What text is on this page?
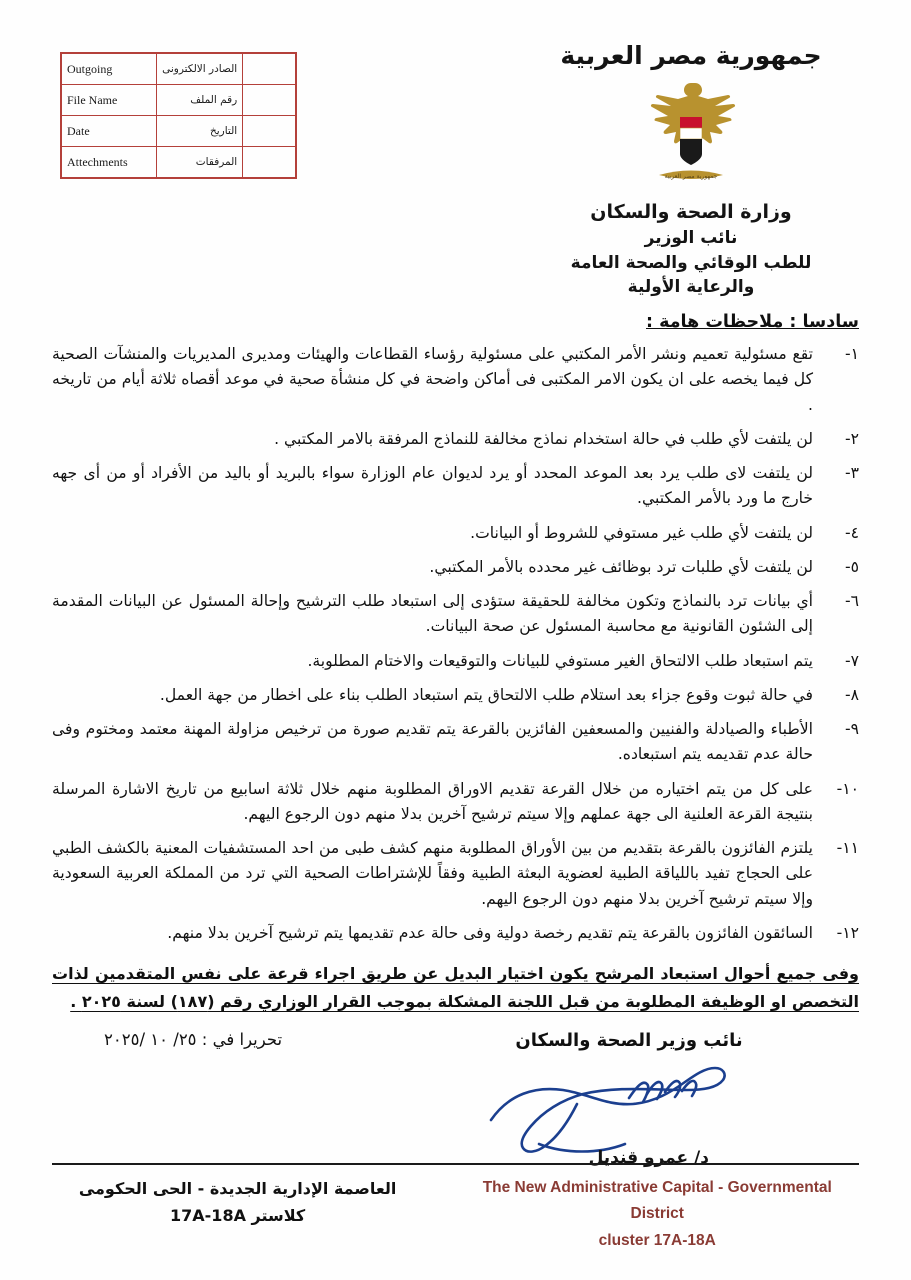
	الصادر الالكترونى	Outgoing
	رقم الملف	File Name
	التاريخ	Date
	المرفقات	Attechments
جمهورية مصر العربية
جمهورية مصر العربية
وزارة الصحة والسكان
نائب الوزير
للطب الوقائي والصحة العامة
والرعاية الأولية
سادسا : ملاحظات هامة :
١-
تقع مسئولية تعميم ونشر الأمر المكتبي على مسئولية رؤساء القطاعات والهيئات ومديرى المديريات والمنشآت الصحية كل فيما يخصه على ان يكون الامر المكتبى فى أماكن واضحة في كل منشأة صحية في موعد أقصاه ثلاثة أيام من تاريخه .
٢-
لن يلتفت لأي طلب في حالة استخدام نماذج مخالفة للنماذج المرفقة بالامر المكتبي .
٣-
لن يلتفت لاى طلب يرد بعد الموعد المحدد أو يرد لديوان عام الوزارة سواء بالبريد أو باليد من الأفراد أو من أى جهه خارج ما ورد بالأمر المكتبي.
٤-
لن يلتفت لأي طلب غير مستوفي للشروط أو البيانات.
٥-
لن يلتفت لأي طلبات ترد بوظائف غير محدده بالأمر المكتبي.
٦-
أي بيانات ترد بالنماذج وتكون مخالفة للحقيقة ستؤدى إلى استبعاد طلب الترشيح وإحالة المسئول عن البيانات المقدمة إلى الشئون القانونية مع محاسبة المسئول عن صحة البيانات.
٧-
يتم استبعاد طلب الالتحاق الغير مستوفي للبيانات والتوقيعات والاختام المطلوبة.
٨-
في حالة ثبوت وقوع جزاء بعد استلام طلب الالتحاق يتم استبعاد الطلب بناء على اخطار من جهة العمل.
٩-
الأطباء والصيادلة والفنيين والمسعفين الفائزين بالقرعة يتم تقديم صورة من ترخيص مزاولة المهنة معتمد ومختوم وفى حالة عدم تقديمه يتم استبعاده.
١٠-
على كل من يتم اختياره من خلال القرعة تقديم الاوراق المطلوبة منهم خلال ثلاثة اسابيع من تاريخ الاشارة المرسلة بنتيجة القرعة العلنية الى جهة عملهم وإلا سيتم ترشيح آخرين بدلا منهم دون الرجوع اليهم.
١١-
يلتزم الفائزون بالقرعة بتقديم من بين الأوراق المطلوبة منهم كشف طبى من احد المستشفيات المعنية بالكشف الطبي على الحجاج تفيد باللياقة الطبية لعضوية البعثة الطبية وفقاً للإشتراطات الصحية التي ترد من المملكة العربية السعودية وإلا سيتم ترشيح آخرين بدلا منهم دون الرجوع اليهم.
١٢-
السائقون الفائزون بالقرعة يتم تقديم رخصة دولية وفى حالة عدم تقديمها يتم ترشيح آخرين بدلا منهم.
وفى جميع أحوال استبعاد المرشح يكون اختيار البديل عن طريق اجراء قرعة على نفس المتقدمين لذات التخصص او الوظيفة المطلوبة من قبل اللجنة المشكلة بموجب القرار الوزاري رقم (١٨٧) لسنة ٢٠٢٥ .
تحريرا في : ٢٥/ ١٠ /٢٠٢٥	نائب وزير الصحة والسكان
د/ عمرو قنديل
العاصمة الإدارية الجديدة - الحى الحكومى
كلاستر 17A-18A
The New Administrative Capital - Governmental District
cluster 17A-18A
